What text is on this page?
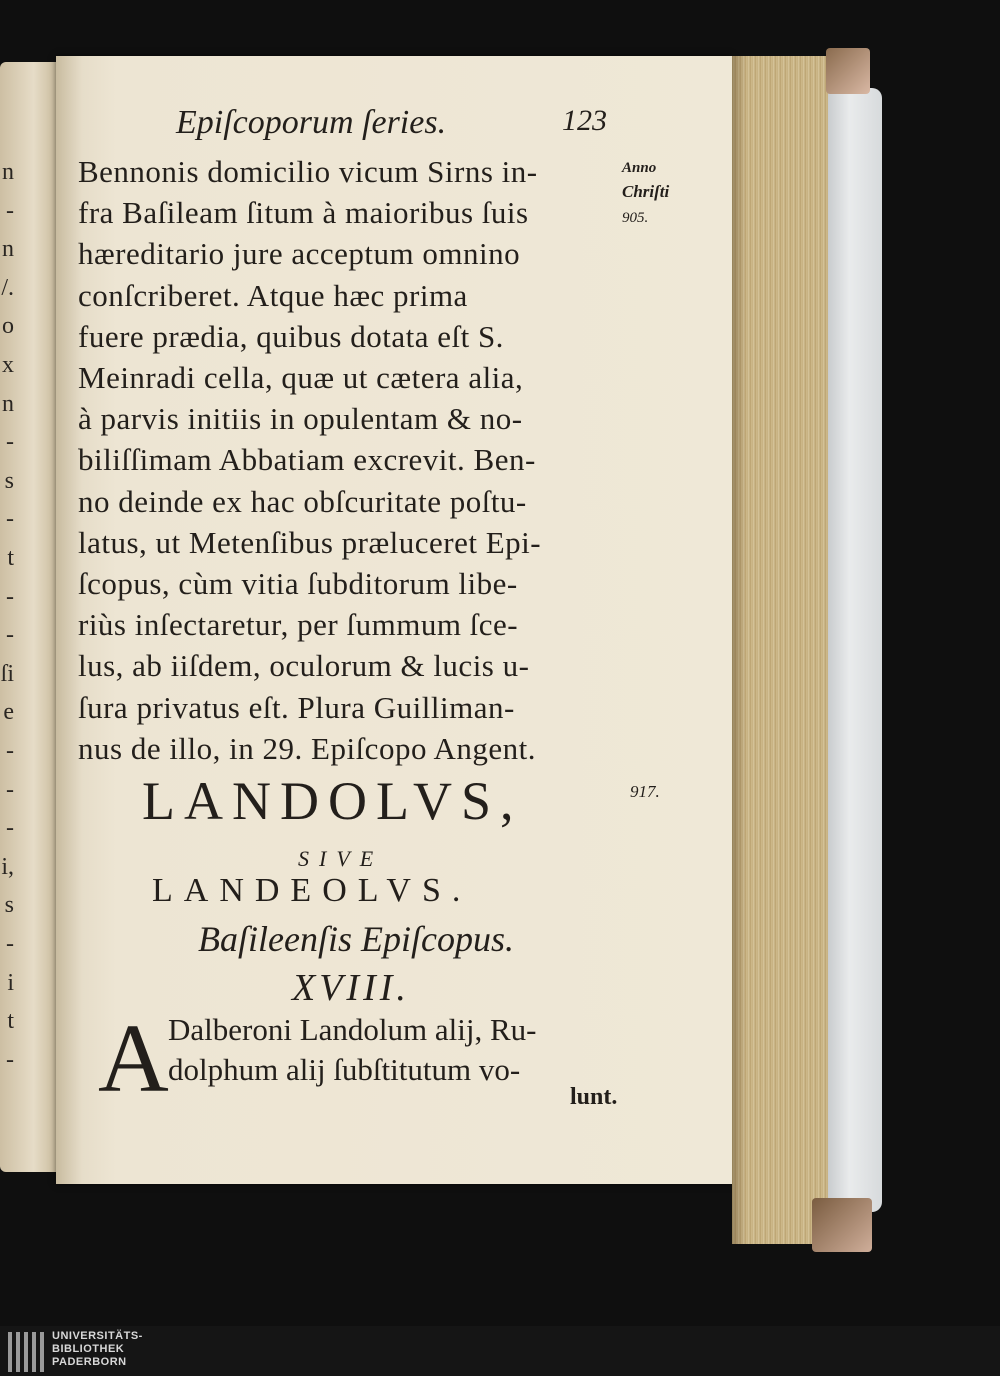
n
-
n
/.
o
x
n
-
s
-
t
-
-
ſi
e
-
-
-
i,
s
-
i
t
-
Epiſcoporum ſeries.	123
Bennonis domicilio vicum Sirns in-
fra Baſileam ſitum à maioribus ſuis
hæreditario jure acceptum omnino
conſcriberet. Atque hæc prima
fuere prædia, quibus dotata eſt S.
Meinradi cella, quæ ut cætera alia,
à parvis initiis in opulentam & no-
biliſſimam Abbatiam excrevit. Ben-
no deinde ex hac obſcuritate poſtu-
latus, ut Metenſibus præluceret Epi-
ſcopus, cùm vitia ſubditorum libe-
riùs inſectaretur, per ſummum ſce-
lus, ab iiſdem, oculorum & lucis u-
ſura privatus eſt. Plura Guilliman-
nus de illo, in 29. Epiſcopo Angent.
Anno
Chriſti
905.
917.
LANDOLVS,
SIVE
LANDEOLVS.
Baſileenſis Epiſcopus.
XVIII.
A Dalberoni Landolum alij, Ru-
dolphum alij ſubſtitutum vo-
lunt.
UNIVERSITÄTS-
BIBLIOTHEK
PADERBORN
